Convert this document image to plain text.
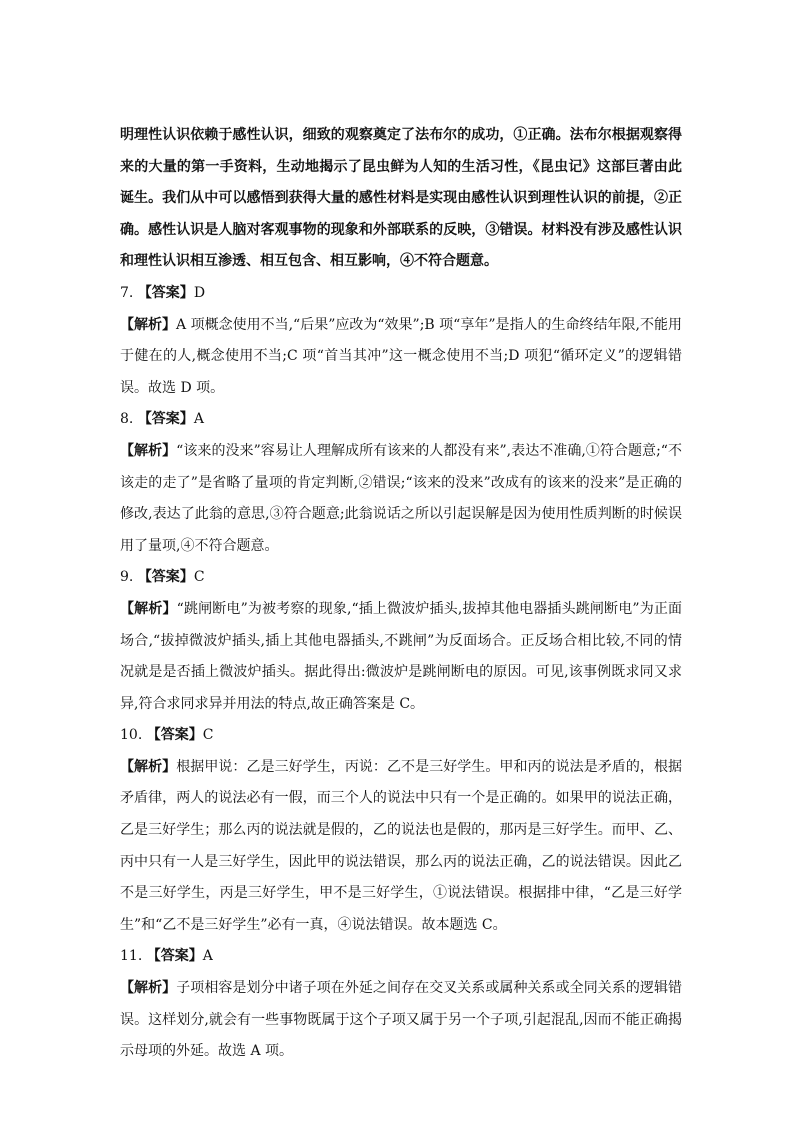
明理性认识依赖于感性认识，细致的观察奠定了法布尔的成功，①正确。法布尔根据观察得来的大量的第一手资料，生动地揭示了昆虫鲜为人知的生活习性，《昆虫记》这部巨著由此诞生。我们从中可以感悟到获得大量的感性材料是实现由感性认识到理性认识的前提，②正确。感性认识是人脑对客观事物的现象和外部联系的反映，③错误。材料没有涉及感性认识和理性认识相互渗透、相互包含、相互影响，④不符合题意。

7. 【答案】D

【解析】A 项概念使用不当,“后果”应改为“效果”;B 项“享年”是指人的生命终结年限,不能用于健在的人,概念使用不当;C 项“首当其冲”这一概念使用不当;D 项犯“循环定义”的逻辑错误。故选 D 项。

8. 【答案】A

【解析】“该来的没来”容易让人理解成所有该来的人都没有来”,表达不准确,①符合题意;“不该走的走了”是省略了量项的肯定判断,②错误;“该来的没来”改成有的该来的没来”是正确的修改,表达了此翁的意思,③符合题意;此翁说话之所以引起误解是因为使用性质判断的时候误用了量项,④不符合题意。

9. 【答案】C

【解析】“跳闸断电”为被考察的现象,“插上微波炉插头,拔掉其他电器插头跳闸断电”为正面场合,“拔掉微波炉插头,插上其他电器插头,不跳闸”为反面场合。正反场合相比较,不同的情况就是是否插上微波炉插头。据此得出:微波炉是跳闸断电的原因。可见,该事例既求同又求异,符合求同求异并用法的特点,故正确答案是 C。

10. 【答案】C

【解析】根据甲说：乙是三好学生，丙说：乙不是三好学生。甲和丙的说法是矛盾的，根据矛盾律，两人的说法必有一假，而三个人的说法中只有一个是正确的。如果甲的说法正确，乙是三好学生；那么丙的说法就是假的，乙的说法也是假的，那丙是三好学生。而甲、乙、丙中只有一人是三好学生，因此甲的说法错误，那么丙的说法正确，乙的说法错误。因此乙不是三好学生，丙是三好学生，甲不是三好学生，①说法错误。根据排中律，“乙是三好学生”和“乙不是三好学生”必有一真，④说法错误。故本题选 C。

11. 【答案】A

【解析】子项相容是划分中诸子项在外延之间存在交叉关系或属种关系或全同关系的逻辑错误。这样划分,就会有一些事物既属于这个子项又属于另一个子项,引起混乱,因而不能正确揭示母项的外延。故选 A 项。
